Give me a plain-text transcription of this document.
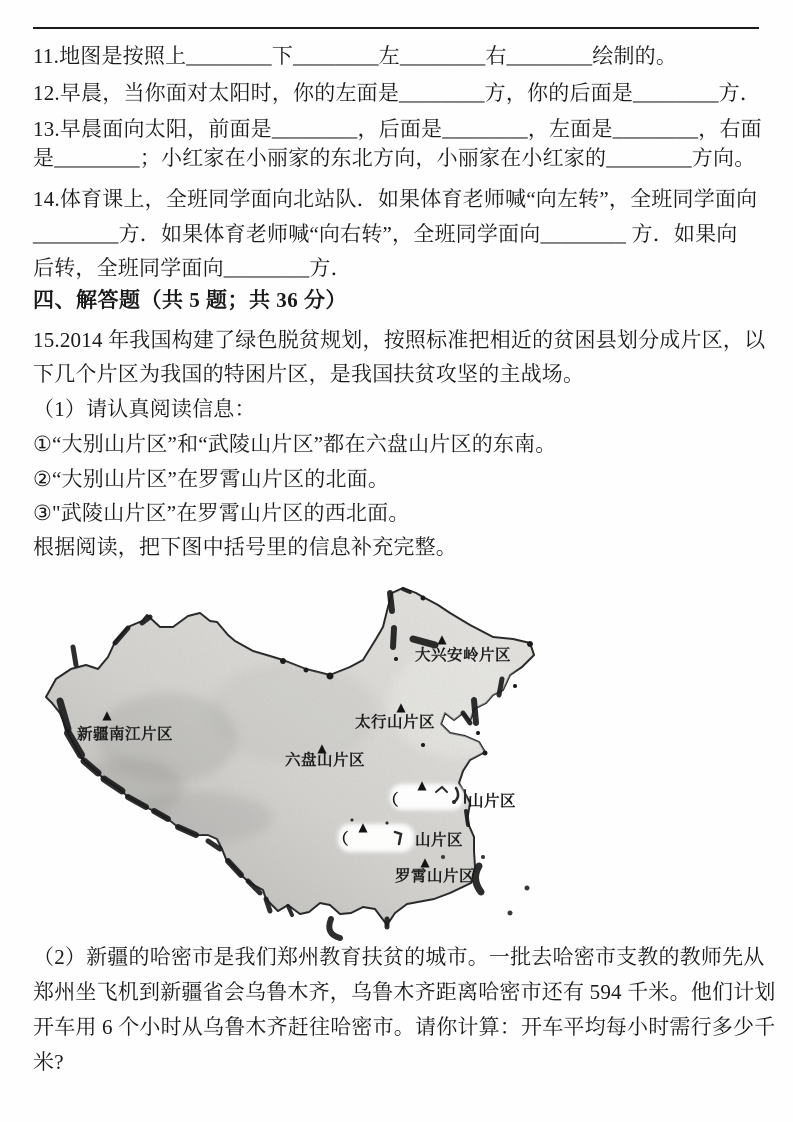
11.地图是按照上________下________左________右________绘制的。
12.早晨，当你面对太阳时，你的左面是________方，你的后面是________方．
13.早晨面向太阳，前面是________，后面是________，左面是________，右面
是________；小红家在小丽家的东北方向，小丽家在小红家的________方向。
14.体育课上，全班同学面向北站队．如果体育老师喊“向左转”，全班同学面向
________方．如果体育老师喊“向右转”，全班同学面向________ 方．如果向
后转，全班同学面向________方．
四、解答题（共 5 题；共 36 分）
15.2014 年我国构建了绿色脱贫规划，按照标准把相近的贫困县划分成片区，以
下几个片区为我国的特困片区，是我国扶贫攻坚的主战场。
（1）请认真阅读信息：
①“大别山片区”和“武陵山片区”都在六盘山片区的东南。
②“大别山片区”在罗霄山片区的北面。
③"武陵山片区”在罗霄山片区的西北面。
根据阅读，把下图中括号里的信息补充完整。
▲
▲
▲
▲
▲
▲
▲
大兴安岭片区
新疆南江片区
太行山片区
六盘山片区
（	山片区
（	山片区
罗霄山片区
（2）新疆的哈密市是我们郑州教育扶贫的城市。一批去哈密市支教的教师先从
郑州坐飞机到新疆省会乌鲁木齐，乌鲁木齐距离哈密市还有 594 千米。他们计划
开车用 6 个小时从乌鲁木齐赶往哈密市。请你计算：开车平均每小时需行多少千
米?
